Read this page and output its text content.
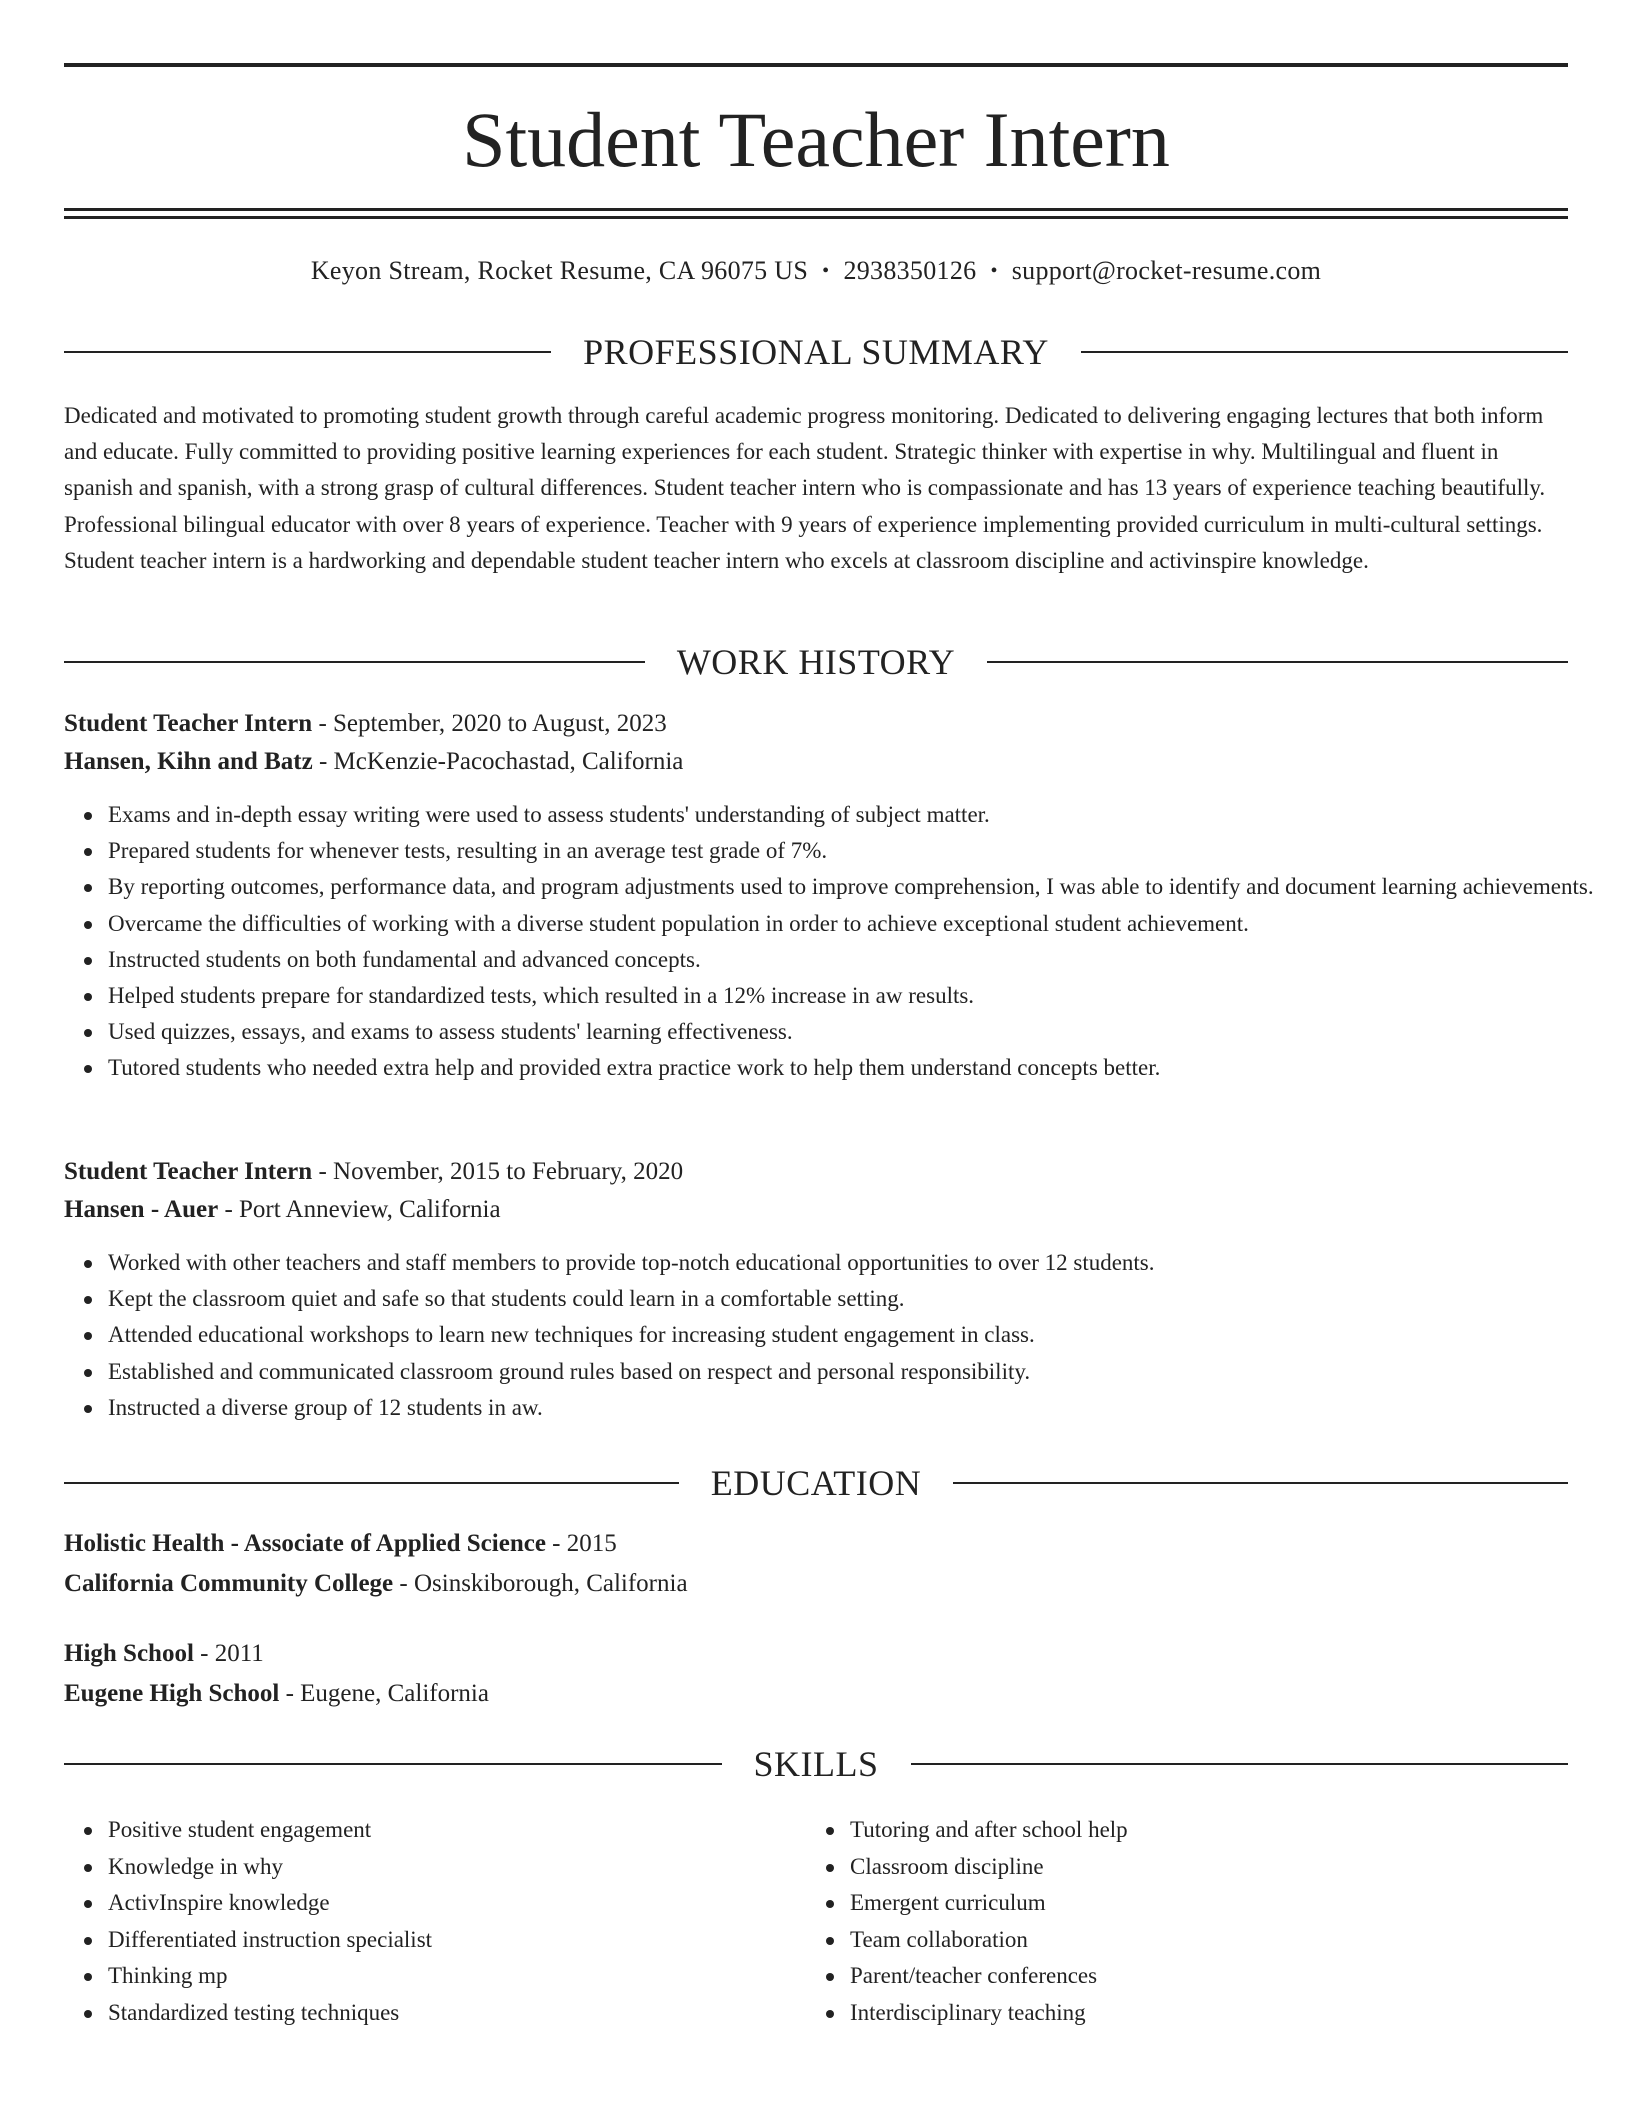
Student Teacher Intern
Keyon Stream, Rocket Resume, CA 96075 US • 2938350126 • support@rocket-resume.com
PROFESSIONAL SUMMARY

Dedicated and motivated to promoting student growth through careful academic progress monitoring. Dedicated to delivering engaging lectures that both inform and educate. Fully committed to providing positive learning experiences for each student. Strategic thinker with expertise in why. Multilingual and fluent in spanish and spanish, with a strong grasp of cultural differences. Student teacher intern who is compassionate and has 13 years of experience teaching beautifully. Professional bilingual educator with over 8 years of experience. Teacher with 9 years of experience implementing provided curriculum in multi-cultural settings. Student teacher intern is a hardworking and dependable student teacher intern who excels at classroom discipline and activinspire knowledge.

WORK HISTORY
Student Teacher Intern - September, 2020 to August, 2023
Hansen, Kihn and Batz - McKenzie-Pacochastad, California
Exams and in-depth essay writing were used to assess students' understanding of subject matter.
Prepared students for whenever tests, resulting in an average test grade of 7%.
By reporting outcomes, performance data, and program adjustments used to improve comprehension, I was able to identify and document learning achievements.
Overcame the difficulties of working with a diverse student population in order to achieve exceptional student achievement.
Instructed students on both fundamental and advanced concepts.
Helped students prepare for standardized tests, which resulted in a 12% increase in aw results.
Used quizzes, essays, and exams to assess students' learning effectiveness.
Tutored students who needed extra help and provided extra practice work to help them understand concepts better.
Student Teacher Intern - November, 2015 to February, 2020
Hansen - Auer - Port Anneview, California
Worked with other teachers and staff members to provide top-notch educational opportunities to over 12 students.
Kept the classroom quiet and safe so that students could learn in a comfortable setting.
Attended educational workshops to learn new techniques for increasing student engagement in class.
Established and communicated classroom ground rules based on respect and personal responsibility.
Instructed a diverse group of 12 students in aw.
EDUCATION
Holistic Health - Associate of Applied Science - 2015
California Community College - Osinskiborough, California
High School - 2011
Eugene High School - Eugene, California
SKILLS
Positive student engagement
Knowledge in why
ActivInspire knowledge
Differentiated instruction specialist
Thinking mp
Standardized testing techniques
Tutoring and after school help
Classroom discipline
Emergent curriculum
Team collaboration
Parent/teacher conferences
Interdisciplinary teaching
